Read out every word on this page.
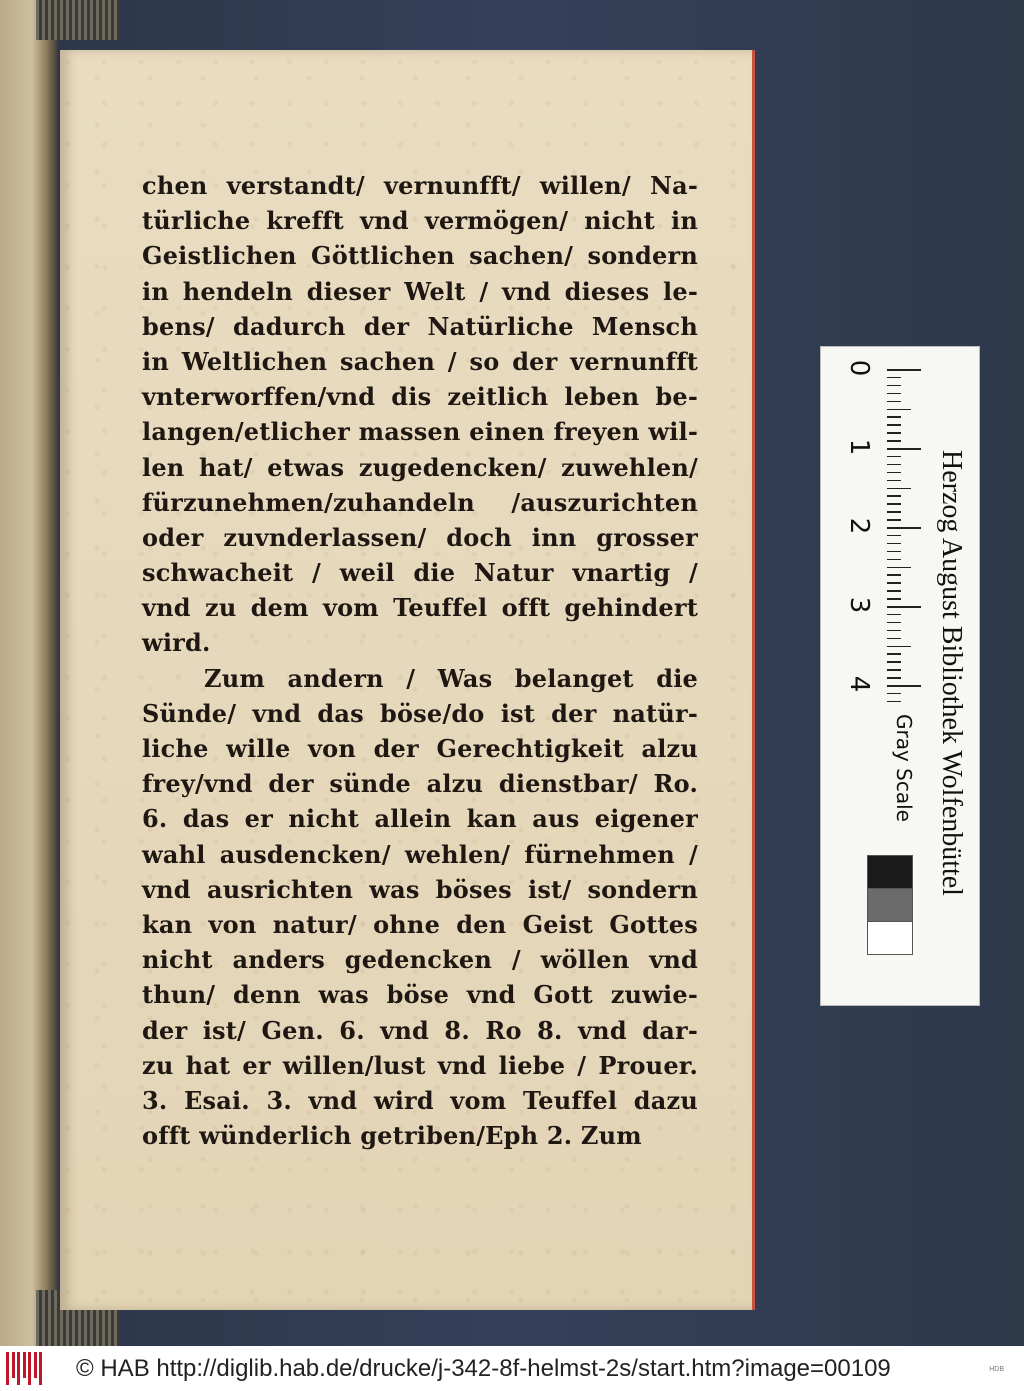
chen verstandt/ vernunfft/ willen/ Na-
türliche krefft vnd vermögen/ nicht in
Geistlichen Göttlichen sachen/ sondern
in hendeln dieser Welt / vnd dieses le-
bens/ dadurch der Natürliche Mensch
in Weltlichen sachen / so der vernunfft
vnterworffen/vnd dis zeitlich leben be-
langen/etlicher massen einen freyen wil-
len hat/ etwas zugedencken/ zuwehlen/
fürzunehmen/zuhandeln /auszurichten
oder zuvnderlassen/ doch inn grosser
schwacheit / weil die Natur vnartig /
vnd zu dem vom Teuffel offt gehindert
wird.
Zum andern / Was belanget die
Sünde/ vnd das böse/do ist der natür-
liche wille von der Gerechtigkeit alzu
frey/vnd der sünde alzu dienstbar/ Ro.
6. das er nicht allein kan aus eigener
wahl ausdencken/ wehlen/ fürnehmen /
vnd ausrichten was böses ist/ sondern
kan von natur/ ohne den Geist Gottes
nicht anders gedencken / wöllen vnd
thun/ denn was böse vnd Gott zuwie-
der ist/ Gen. 6. vnd 8. Ro 8. vnd dar-
zu hat er willen/lust vnd liebe / Prouer.
3. Esai. 3. vnd wird vom Teuffel dazu
offt wünderlich getriben/Eph 2. Zum
0
1
2
3
4
Gray Scale Herzog August Bibliothek Wolfenbüttel
© HAB http://diglib.hab.de/drucke/j-342-8f-helmst-2s/start.htm?image=00109	HDB
